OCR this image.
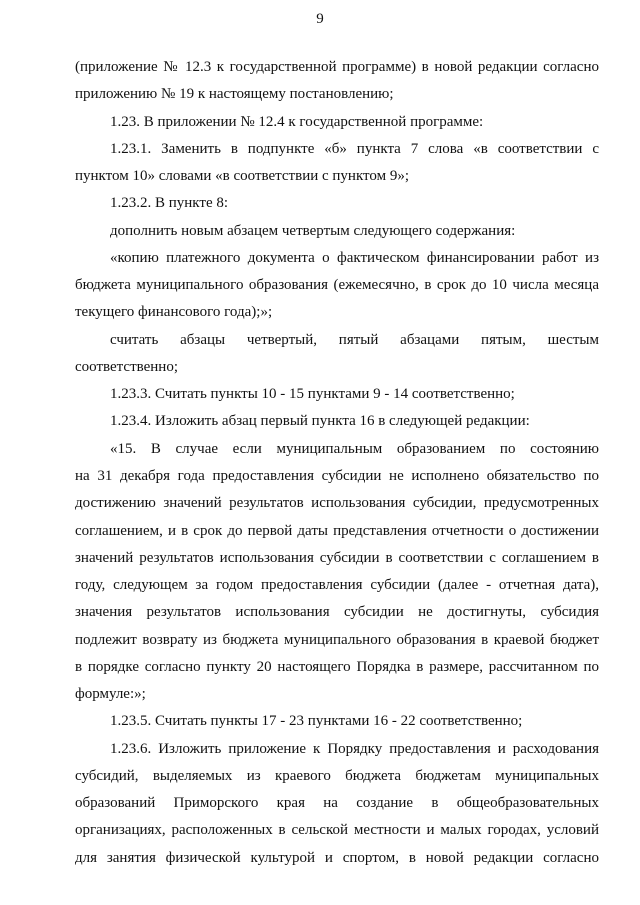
9
(приложение № 12.3 к государственной программе) в новой редакции согласно
приложению № 19 к настоящему постановлению;
1.23. В приложении № 12.4 к государственной программе:
1.23.1. Заменить в подпункте «б» пункта 7 слова «в соответствии с
пунктом 10» словами «в соответствии с пунктом 9»;
1.23.2. В пункте 8:
дополнить новым абзацем четвертым следующего содержания:
«копию платежного документа о фактическом финансировании работ из
бюджета муниципального образования (ежемесячно, в срок до 10 числа месяца
текущего финансового года);»;
считать абзацы четвертый, пятый абзацами пятым, шестым
соответственно;
1.23.3. Считать пункты 10 - 15 пунктами 9 - 14 соответственно;
1.23.4. Изложить абзац первый пункта 16 в следующей редакции:
«15. В случае если муниципальным образованием по состоянию
на 31 декабря года предоставления субсидии не исполнено обязательство по
достижению значений результатов использования субсидии, предусмотренных
соглашением, и в срок до первой даты представления отчетности о достижении
значений результатов использования субсидии в соответствии с соглашением в
году, следующем за годом предоставления субсидии (далее - отчетная дата),
значения результатов использования субсидии не достигнуты, субсидия
подлежит возврату из бюджета муниципального образования в краевой бюджет
в порядке согласно пункту 20 настоящего Порядка в размере, рассчитанном по
формуле:»;
1.23.5. Считать пункты 17 - 23 пунктами 16 - 22 соответственно;
1.23.6. Изложить приложение к Порядку предоставления и расходования
субсидий, выделяемых из краевого бюджета бюджетам муниципальных
образований Приморского края на создание в общеобразовательных
организациях, расположенных в сельской местности и малых городах, условий
для занятия физической культурой и спортом, в новой редакции согласно
